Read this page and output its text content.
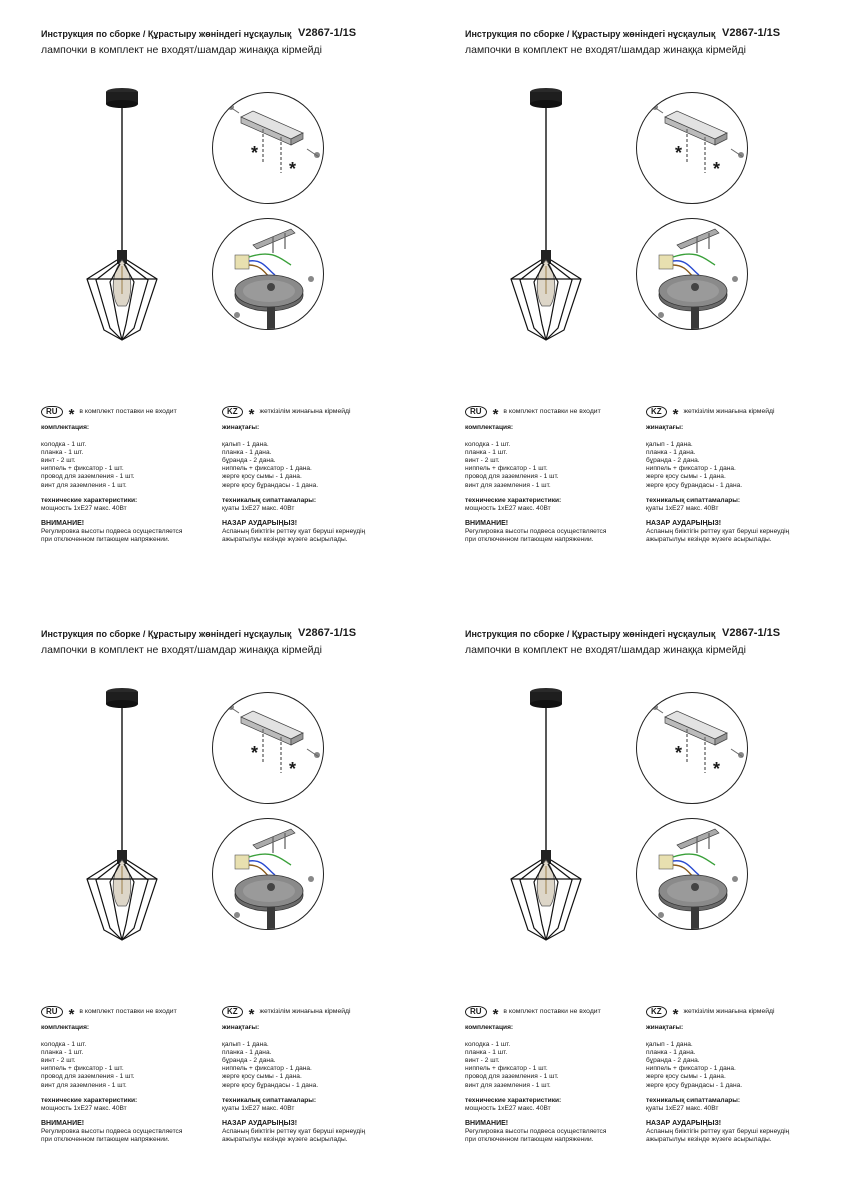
Инструкция по сборке / Құрастыру жөніндегі нұсқаулық V2867-1/1S
лампочки в комплект не входят/шамдар жинаққа кірмейді
*
*
RU * в комплект поставки не входит
комплектация:
колодка - 1 шт.
планка - 1 шт.
винт - 2 шт.
ниппель + фиксатор - 1 шт.
провод для заземления - 1 шт.
винт для заземления - 1 шт.
технические характеристики:
мощность 1xE27 макс. 40Вт
ВНИМАНИЕ!
Регулировка высоты подвеса осуществляется
при отключенном питающем напряжении.
KZ * жеткізілім жинағына кірмейді
жинақтағы:
қалып - 1 дана.
планка - 1 дана.
бұрандa - 2 дана.
ниппель + фиксатор - 1 дана.
жерге қосу сымы - 1 дана.
жерге қосу бұрандасы - 1 дана.
техникалық сипаттамалары:
қуаты 1xE27 макс. 40Вт
НАЗАР АУДАРЫҢЫЗ!
Аспаның биіктігін реттеу қуат беруші кернеудің
ажыратылуы кезінде жүзеге асырылады.
Инструкция по сборке / Құрастыру жөніндегі нұсқаулық V2867-1/1S
лампочки в комплект не входят/шамдар жинаққа кірмейді
*
*
RU * в комплект поставки не входит
комплектация:
колодка - 1 шт.
планка - 1 шт.
винт - 2 шт.
ниппель + фиксатор - 1 шт.
провод для заземления - 1 шт.
винт для заземления - 1 шт.
технические характеристики:
мощность 1xE27 макс. 40Вт
ВНИМАНИЕ!
Регулировка высоты подвеса осуществляется
при отключенном питающем напряжении.
KZ * жеткізілім жинағына кірмейді
жинақтағы:
қалып - 1 дана.
планка - 1 дана.
бұрандa - 2 дана.
ниппель + фиксатор - 1 дана.
жерге қосу сымы - 1 дана.
жерге қосу бұрандасы - 1 дана.
техникалық сипаттамалары:
қуаты 1xE27 макс. 40Вт
НАЗАР АУДАРЫҢЫЗ!
Аспаның биіктігін реттеу қуат беруші кернеудің
ажыратылуы кезінде жүзеге асырылады.
Инструкция по сборке / Құрастыру жөніндегі нұсқаулық V2867-1/1S
лампочки в комплект не входят/шамдар жинаққа кірмейді
*
*
RU * в комплект поставки не входит
комплектация:
колодка - 1 шт.
планка - 1 шт.
винт - 2 шт.
ниппель + фиксатор - 1 шт.
провод для заземления - 1 шт.
винт для заземления - 1 шт.
технические характеристики:
мощность 1xE27 макс. 40Вт
ВНИМАНИЕ!
Регулировка высоты подвеса осуществляется
при отключенном питающем напряжении.
KZ * жеткізілім жинағына кірмейді
жинақтағы:
қалып - 1 дана.
планка - 1 дана.
бұрандa - 2 дана.
ниппель + фиксатор - 1 дана.
жерге қосу сымы - 1 дана.
жерге қосу бұрандасы - 1 дана.
техникалық сипаттамалары:
қуаты 1xE27 макс. 40Вт
НАЗАР АУДАРЫҢЫЗ!
Аспаның биіктігін реттеу қуат беруші кернеудің
ажыратылуы кезінде жүзеге асырылады.
Инструкция по сборке / Құрастыру жөніндегі нұсқаулық V2867-1/1S
лампочки в комплект не входят/шамдар жинаққа кірмейді
*
*
RU * в комплект поставки не входит
комплектация:
колодка - 1 шт.
планка - 1 шт.
винт - 2 шт.
ниппель + фиксатор - 1 шт.
провод для заземления - 1 шт.
винт для заземления - 1 шт.
технические характеристики:
мощность 1xE27 макс. 40Вт
ВНИМАНИЕ!
Регулировка высоты подвеса осуществляется
при отключенном питающем напряжении.
KZ * жеткізілім жинағына кірмейді
жинақтағы:
қалып - 1 дана.
планка - 1 дана.
бұрандa - 2 дана.
ниппель + фиксатор - 1 дана.
жерге қосу сымы - 1 дана.
жерге қосу бұрандасы - 1 дана.
техникалық сипаттамалары:
қуаты 1xE27 макс. 40Вт
НАЗАР АУДАРЫҢЫЗ!
Аспаның биіктігін реттеу қуат беруші кернеудің
ажыратылуы кезінде жүзеге асырылады.
